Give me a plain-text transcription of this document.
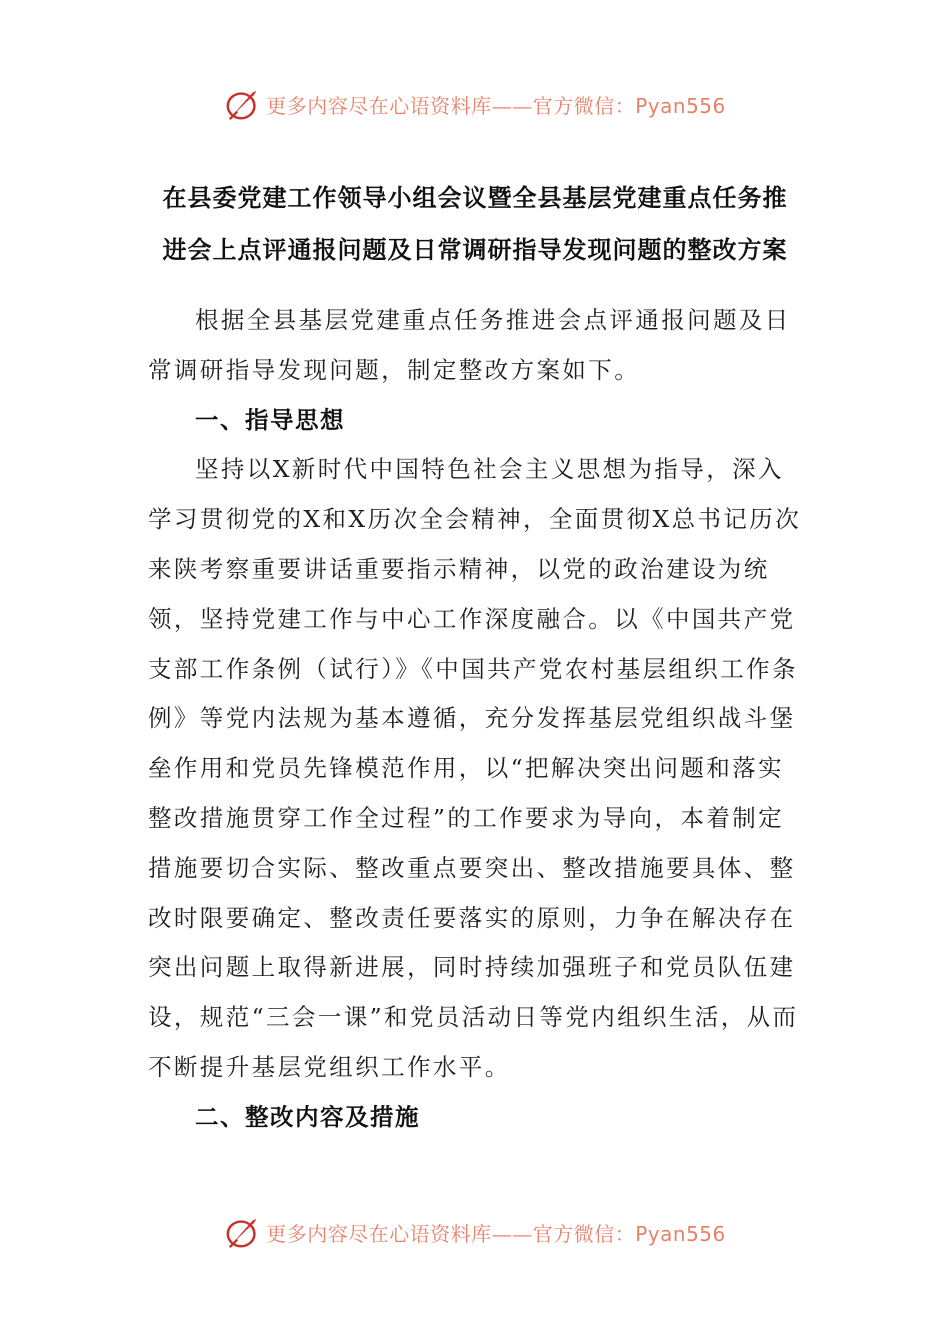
更多内容尽在心语资料库——官方微信：Pyan556
在县委党建工作领导小组会议暨全县基层党建重点任务推
进会上点评通报问题及日常调研指导发现问题的整改方案

根据全县基层党建重点任务推进会点评通报问题及日常调研指导发现问题，制定整改方案如下。

一、指导思想

坚持以X新时代中国特色社会主义思想为指导，深入学习贯彻党的X和X历次全会精神，全面贯彻X总书记历次来陕考察重要讲话重要指示精神，以党的政治建设为统领，坚持党建工作与中心工作深度融合。以《中国共产党支部工作条例（试行）》《中国共产党农村基层组织工作条例》等党内法规为基本遵循，充分发挥基层党组织战斗堡垒作用和党员先锋模范作用，以“把解决突出问题和落实整改措施贯穿工作全过程”的工作要求为导向，本着制定措施要切合实际、整改重点要突出、整改措施要具体、整改时限要确定、整改责任要落实的原则，力争在解决存在突出问题上取得新进展，同时持续加强班子和党员队伍建设，规范“三会一课”和党员活动日等党内组织生活，从而不断提升基层党组织工作水平。

二、整改内容及措施
更多内容尽在心语资料库——官方微信：Pyan556
